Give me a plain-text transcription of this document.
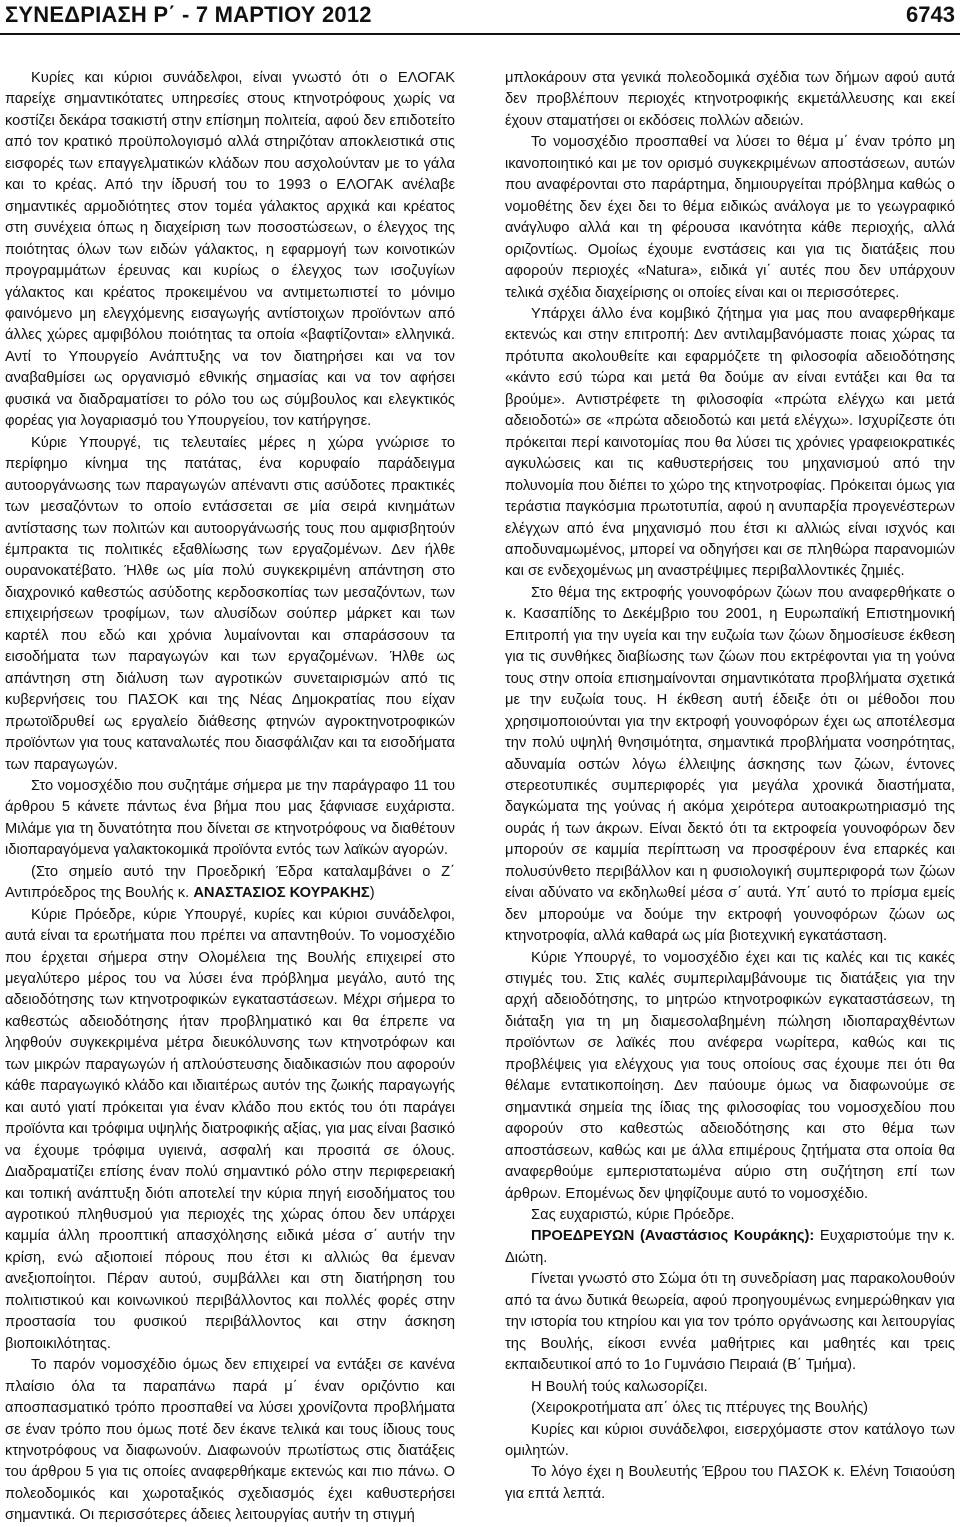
ΣΥΝΕΔΡΙΑΣΗ Ρ΄ - 7 ΜΑΡΤΙΟΥ 2012	6743

Κυρίες και κύριοι συνάδελφοι, είναι γνωστό ότι ο ΕΛΟΓΑΚ παρείχε σημαντικότατες υπηρεσίες στους κτηνοτρόφους χωρίς να κοστίζει δεκάρα τσακιστή στην επίσημη πολιτεία, αφού δεν επιδοτείτο από τον κρατικό προϋπολογισμό αλλά στηριζόταν αποκλειστικά στις εισφορές των επαγγελματικών κλάδων που ασχολούνταν με το γάλα και το κρέας. Από την ίδρυσή του το 1993 ο ΕΛΟΓΑΚ ανέλαβε σημαντικές αρμοδιότητες στον τομέα γάλακτος αρχικά και κρέατος στη συνέχεια όπως η διαχείριση των ποσοστώσεων, ο έλεγχος της ποιότητας όλων των ειδών γάλακτος, η εφαρμογή των κοινοτικών προγραμμάτων έρευνας και κυρίως ο έλεγχος των ισοζυγίων γάλακτος και κρέατος προκειμένου να αντιμετωπιστεί το μόνιμο φαινόμενο μη ελεγχόμενης εισαγωγής αντίστοιχων προϊόντων από άλλες χώρες αμφιβόλου ποιότητας τα οποία «βαφτίζονται» ελληνικά. Αντί το Υπουργείο Ανάπτυξης να τον διατηρήσει και να τον αναβαθμίσει ως οργανισμό εθνικής σημασίας και να τον αφήσει φυσικά να διαδραματίσει το ρόλο του ως σύμβουλος και ελεγκτικός φορέας για λογαριασμό του Υπουργείου, τον κατήργησε.

Κύριε Υπουργέ, τις τελευταίες μέρες η χώρα γνώρισε το περίφημο κίνημα της πατάτας, ένα κορυφαίο παράδειγμα αυτοοργάνωσης των παραγωγών απέναντι στις ασύδοτες πρακτικές των μεσαζόντων το οποίο εντάσσεται σε μία σειρά κινημάτων αντίστασης των πολιτών και αυτοοργάνωσής τους που αμφισβητούν έμπρακτα τις πολιτικές εξαθλίωσης των εργαζομένων. Δεν ήλθε ουρανοκατέβατο. Ήλθε ως μία πολύ συγκεκριμένη απάντηση στο διαχρονικό καθεστώς ασύδοτης κερδοσκοπίας των μεσαζόντων, των επιχειρήσεων τροφίμων, των αλυσίδων σούπερ μάρκετ και των καρτέλ που εδώ και χρόνια λυμαίνονται και σπαράσσουν τα εισοδήματα των παραγωγών και των εργαζομένων. Ήλθε ως απάντηση στη διάλυση των αγροτικών συνεταιρισμών από τις κυβερνήσεις του ΠΑΣΟΚ και της Νέας Δημοκρατίας που είχαν πρωτοϊδρυθεί ως εργαλείο διάθεσης φτηνών αγροκτηνοτροφικών προϊόντων για τους καταναλωτές που διασφάλιζαν και τα εισοδήματα των παραγωγών.

Στο νομοσχέδιο που συζητάμε σήμερα με την παράγραφο 11 του άρθρου 5 κάνετε πάντως ένα βήμα που μας ξάφνιασε ευχάριστα. Μιλάμε για τη δυνατότητα που δίνεται σε κτηνοτρόφους να διαθέτουν ιδιοπαραγόμενα γαλακτοκομικά προϊόντα εντός των λαϊκών αγορών.

(Στο σημείο αυτό την Προεδρική Έδρα καταλαμβάνει ο Ζ΄ Αντιπρόεδρος της Βουλής κ. ΑΝΑΣΤΑΣΙΟΣ ΚΟΥΡΑΚΗΣ)

Κύριε Πρόεδρε, κύριε Υπουργέ, κυρίες και κύριοι συνάδελφοι, αυτά είναι τα ερωτήματα που πρέπει να απαντηθούν. Το νομοσχέδιο που έρχεται σήμερα στην Ολομέλεια της Βουλής επιχειρεί στο μεγαλύτερο μέρος του να λύσει ένα πρόβλημα μεγάλο, αυτό της αδειοδότησης των κτηνοτροφικών εγκαταστάσεων. Μέχρι σήμερα το καθεστώς αδειοδότησης ήταν προβληματικό και θα έπρεπε να ληφθούν συγκεκριμένα μέτρα διευκόλυνσης των κτηνοτρόφων και των μικρών παραγωγών ή απλούστευσης διαδικασιών που αφορούν κάθε παραγωγικό κλάδο και ιδιαιτέρως αυτόν της ζωικής παραγωγής και αυτό γιατί πρόκειται για έναν κλάδο που εκτός του ότι παράγει προϊόντα και τρόφιμα υψηλής διατροφικής αξίας, για μας είναι βασικό να έχουμε τρόφιμα υγιεινά, ασφαλή και προσιτά σε όλους. Διαδραματίζει επίσης έναν πολύ σημαντικό ρόλο στην περιφερειακή και τοπική ανάπτυξη διότι αποτελεί την κύρια πηγή εισοδήματος του αγροτικού πληθυσμού για περιοχές της χώρας όπου δεν υπάρχει καμμία άλλη προοπτική απασχόλησης ειδικά μέσα σ΄ αυτήν την κρίση, ενώ αξιοποιεί πόρους που έτσι κι αλλιώς θα έμεναν ανεξιοποίητοι. Πέραν αυτού, συμβάλλει και στη διατήρηση του πολιτιστικού και κοινωνικού περιβάλλοντος και πολλές φορές στην προστασία του φυσικού περιβάλλοντος και στην άσκηση βιοποικιλότητας.

Το παρόν νομοσχέδιο όμως δεν επιχειρεί να εντάξει σε κανένα πλαίσιο όλα τα παραπάνω παρά μ΄ έναν οριζόντιο και αποσπασματικό τρόπο προσπαθεί να λύσει χρονίζοντα προβλήματα σε έναν τρόπο που όμως ποτέ δεν έκανε τελικά και τους ίδιους τους κτηνοτρόφους να διαφωνούν. Διαφωνούν πρωτίστως στις διατάξεις του άρθρου 5 για τις οποίες αναφερθήκαμε εκτενώς και πιο πάνω. Ο πολεοδομικός και χωροταξικός σχεδιασμός έχει καθυστερήσει σημαντικά. Οι περισσότερες άδειες λειτουργίας αυτήν τη στιγμή

μπλοκάρουν στα γενικά πολεοδομικά σχέδια των δήμων αφού αυτά δεν προβλέπουν περιοχές κτηνοτροφικής εκμετάλλευσης και εκεί έχουν σταματήσει οι εκδόσεις πολλών αδειών.

Το νομοσχέδιο προσπαθεί να λύσει το θέμα μ΄ έναν τρόπο μη ικανοποιητικό και με τον ορισμό συγκεκριμένων αποστάσεων, αυτών που αναφέρονται στο παράρτημα, δημιουργείται πρόβλημα καθώς ο νομοθέτης δεν έχει δει το θέμα ειδικώς ανάλογα με το γεωγραφικό ανάγλυφο αλλά και τη φέρουσα ικανότητα κάθε περιοχής, αλλά οριζοντίως. Ομοίως έχουμε ενστάσεις και για τις διατάξεις που αφορούν περιοχές «Natura», ειδικά γι΄ αυτές που δεν υπάρχουν τελικά σχέδια διαχείρισης οι οποίες είναι και οι περισσότερες.

Υπάρχει άλλο ένα κομβικό ζήτημα για μας που αναφερθήκαμε εκτενώς και στην επιτροπή: Δεν αντιλαμβανόμαστε ποιας χώρας τα πρότυπα ακολουθείτε και εφαρμόζετε τη φιλοσοφία αδειοδότησης «κάντο εσύ τώρα και μετά θα δούμε αν είναι εντάξει και θα τα βρούμε». Αντιστρέφετε τη φιλοσοφία «πρώτα ελέγχω και μετά αδειοδοτώ» σε «πρώτα αδειοδοτώ και μετά ελέγχω». Ισχυρίζεστε ότι πρόκειται περί καινοτομίας που θα λύσει τις χρόνιες γραφειοκρατικές αγκυλώσεις και τις καθυστερήσεις του μηχανισμού από την πολυνομία που διέπει το χώρο της κτηνοτροφίας. Πρόκειται όμως για τεράστια παγκόσμια πρωτοτυπία, αφού η ανυπαρξία προγενέστερων ελέγχων από ένα μηχανισμό που έτσι κι αλλιώς είναι ισχνός και αποδυναμωμένος, μπορεί να οδηγήσει και σε πληθώρα παρανομιών και σε ενδεχομένως μη αναστρέψιμες περιβαλλοντικές ζημιές.

Στο θέμα της εκτροφής γουνοφόρων ζώων που αναφερθήκατε ο κ. Κασαπίδης το Δεκέμβριο του 2001, η Ευρωπαϊκή Επιστημονική Επιτροπή για την υγεία και την ευζωία των ζώων δημοσίευσε έκθεση για τις συνθήκες διαβίωσης των ζώων που εκτρέφονται για τη γούνα τους στην οποία επισημαίνονται σημαντικότατα προβλήματα σχετικά με την ευζωία τους. Η έκθεση αυτή έδειξε ότι οι μέθοδοι που χρησιμοποιούνται για την εκτροφή γουνοφόρων έχει ως αποτέλεσμα την πολύ υψηλή θνησιμότητα, σημαντικά προβλήματα νοσηρότητας, αδυναμία οστών λόγω έλλειψης άσκησης των ζώων, έντονες στερεοτυπικές συμπεριφορές για μεγάλα χρονικά διαστήματα, δαγκώματα της γούνας ή ακόμα χειρότερα αυτοακρωτηριασμό της ουράς ή των άκρων. Είναι δεκτό ότι τα εκτροφεία γουνοφόρων δεν μπορούν σε καμμία περίπτωση να προσφέρουν ένα επαρκές και πολυσύνθετο περιβάλλον και η φυσιολογική συμπεριφορά των ζώων είναι αδύνατο να εκδηλωθεί μέσα σ΄ αυτά. Υπ΄ αυτό το πρίσμα εμείς δεν μπορούμε να δούμε την εκτροφή γουνοφόρων ζώων ως κτηνοτροφία, αλλά καθαρά ως μία βιοτεχνική εγκατάσταση.

Κύριε Υπουργέ, το νομοσχέδιο έχει και τις καλές και τις κακές στιγμές του. Στις καλές συμπεριλαμβάνουμε τις διατάξεις για την αρχή αδειοδότησης, το μητρώο κτηνοτροφικών εγκαταστάσεων, τη διάταξη για τη μη διαμεσολαβημένη πώληση ιδιοπαραχθέντων προϊόντων σε λαϊκές που ανέφερα νωρίτερα, καθώς και τις προβλέψεις για ελέγχους για τους οποίους σας έχουμε πει ότι θα θέλαμε εντατικοποίηση. Δεν παύουμε όμως να διαφωνούμε σε σημαντικά σημεία της ίδιας της φιλοσοφίας του νομοσχεδίου που αφορούν στο καθεστώς αδειοδότησης και στο θέμα των αποστάσεων, καθώς και με άλλα επιμέρους ζητήματα στα οποία θα αναφερθούμε εμπεριστατωμένα αύριο στη συζήτηση επί των άρθρων. Επομένως δεν ψηφίζουμε αυτό το νομοσχέδιο.

Σας ευχαριστώ, κύριε Πρόεδρε.

ΠΡΟΕΔΡΕΥΩΝ (Αναστάσιος Κουράκης): Ευχαριστούμε την κ. Διώτη.

Γίνεται γνωστό στο Σώμα ότι τη συνεδρίαση μας παρακολουθούν από τα άνω δυτικά θεωρεία, αφού προηγουμένως ενημερώθηκαν για την ιστορία του κτηρίου και για τον τρόπο οργάνωσης και λειτουργίας της Βουλής, είκοσι εννέα μαθήτριες και μαθητές και τρεις εκπαιδευτικοί από το 1ο Γυμνάσιο Πειραιά (Β΄ Τμήμα).

Η Βουλή τούς καλωσορίζει.

(Χειροκροτήματα απ΄ όλες τις πτέρυγες της Βουλής)

Κυρίες και κύριοι συνάδελφοι, εισερχόμαστε στον κατάλογο των ομιλητών.

Το λόγο έχει η Βουλευτής Έβρου του ΠΑΣΟΚ κ. Ελένη Τσιαούση για επτά λεπτά.
